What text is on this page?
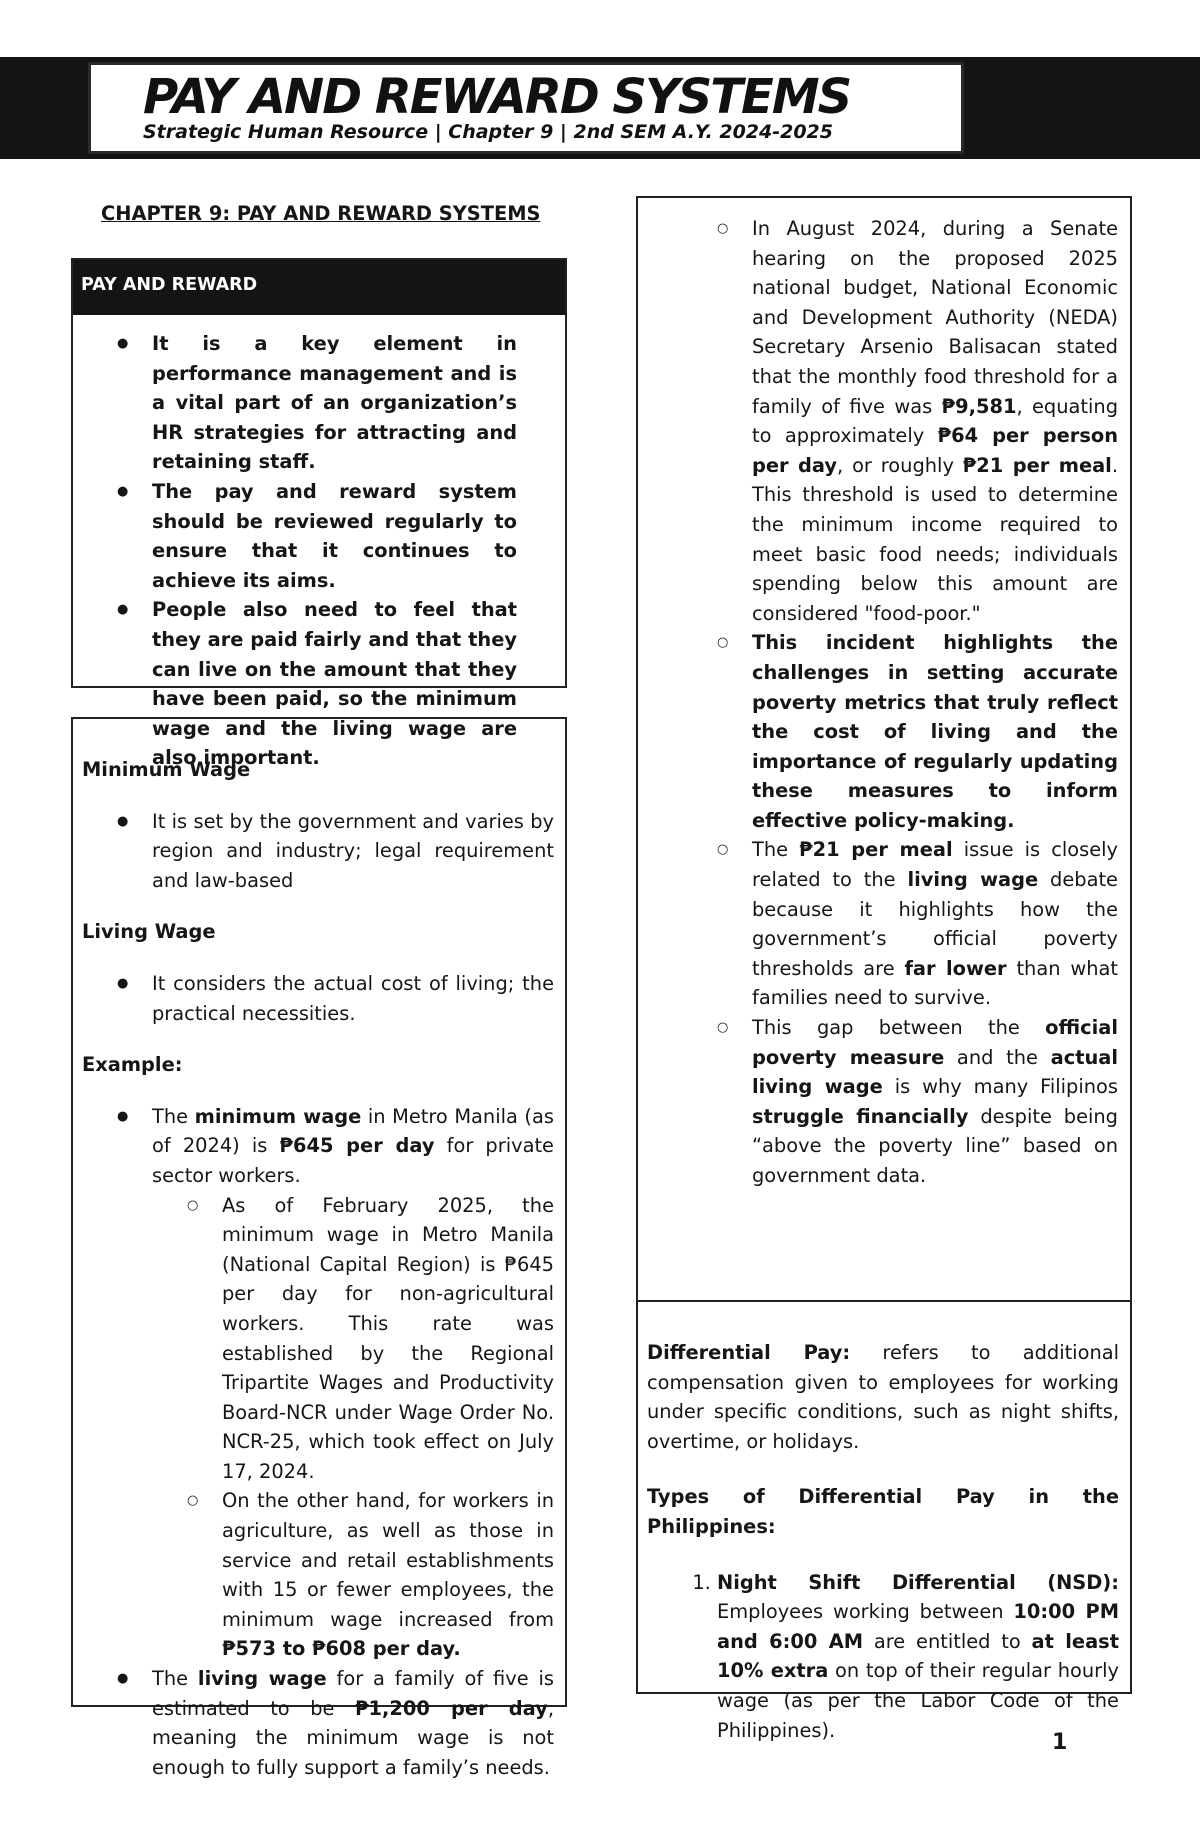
PAY AND REWARD SYSTEMS
Strategic Human Resource | Chapter 9 | 2nd SEM A.Y. 2024-2025
CHAPTER 9: PAY AND REWARD SYSTEMS
PAY AND REWARD
● It is a key element in performance management and is a vital part of an organization’s HR strategies for attracting and retaining staff.
● The pay and reward system should be reviewed regularly to ensure that it continues to achieve its aims.
● People also need to feel that they are paid fairly and that they can live on the amount that they have been paid, so the minimum wage and the living wage are also important.

Minimum Wage

● It is set by the government and varies by region and industry; legal requirement and law-based

Living Wage

● It considers the actual cost of living; the practical necessities.

Example:

● The minimum wage in Metro Manila (as of 2024) is ₱645 per day for private sector workers.
○ As of February 2025, the minimum wage in Metro Manila (National Capital Region) is ₱645 per day for non-agricultural workers. This rate was established by the Regional Tripartite Wages and Productivity Board-NCR under Wage Order No. NCR-25, which took effect on July 17, 2024.
○ On the other hand, for workers in agriculture, as well as those in service and retail establishments with 15 or fewer employees, the minimum wage increased from ₱573 to ₱608 per day.
● The living wage for a family of five is estimated to be ₱1,200 per day, meaning the minimum wage is not enough to fully support a family’s needs.
○ In August 2024, during a Senate hearing on the proposed 2025 national budget, National Economic and Development Authority (NEDA) Secretary Arsenio Balisacan stated that the monthly food threshold for a family of five was ₱9,581, equating to approximately ₱64 per person per day, or roughly ₱21 per meal. This threshold is used to determine the minimum income required to meet basic food needs; individuals spending below this amount are considered "food-poor."
○ This incident highlights the challenges in setting accurate poverty metrics that truly reflect the cost of living and the importance of regularly updating these measures to inform effective policy-making.
○ The ₱21 per meal issue is closely related to the living wage debate because it highlights how the government’s official poverty thresholds are far lower than what families need to survive.
○ This gap between the official poverty measure and the actual living wage is why many Filipinos struggle financially despite being “above the poverty line” based on government data.

Differential Pay: refers to additional compensation given to employees for working under specific conditions, such as night shifts, overtime, or holidays.

Types of Differential Pay in the Philippines:

1. Night Shift Differential (NSD): Employees working between 10:00 PM and 6:00 AM are entitled to at least 10% extra on top of their regular hourly wage (as per the Labor Code of the Philippines).	1
